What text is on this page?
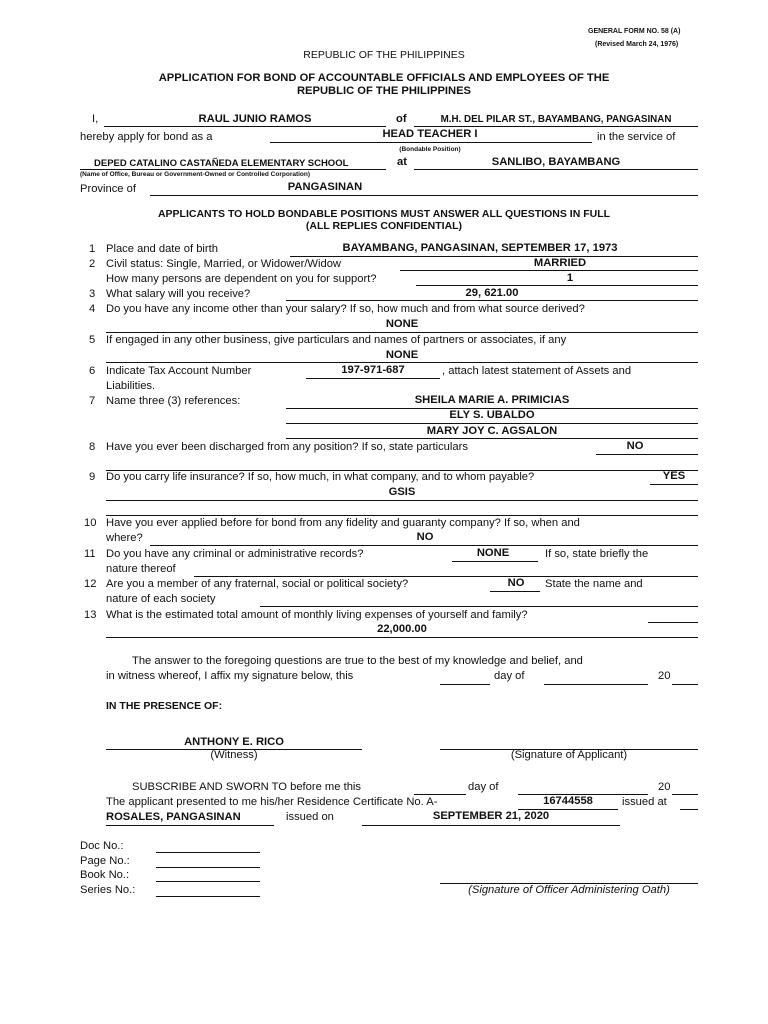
GENERAL FORM NO. 58 (A)
(Revised March 24, 1976)
REPUBLIC OF THE PHILIPPINES
APPLICATION FOR BOND OF ACCOUNTABLE OFFICIALS AND EMPLOYEES OF THE
REPUBLIC OF THE PHILIPPINES
I,	RAUL JUNIO RAMOS	of	M.H. DEL PILAR ST., BAYAMBANG, PANGASINAN
hereby apply for bond as a	HEAD TEACHER I	in the service of
(Bondable Position)
DEPED CATALINO CASTAÑEDA ELEMENTARY SCHOOL	at	SANLIBO, BAYAMBANG
(Name of Office, Bureau or Government-Owned or Controlled Corporation)
Province of	PANGASINAN
APPLICANTS TO HOLD BONDABLE POSITIONS MUST ANSWER ALL QUESTIONS IN FULL
(ALL REPLIES CONFIDENTIAL)
1 Place and date of birth	BAYAMBANG, PANGASINAN, SEPTEMBER 17, 1973
2 Civil status: Single, Married, or Widower/Widow	MARRIED
How many persons are dependent on you for support?	1
3 What salary will you receive?	29, 621.00
4 Do you have any income other than your salary? If so, how much and from what source derived?
NONE
5 If engaged in any other business, give particulars and names of partners or associates, if any
NONE
6 Indicate Tax Account Number	197-971-687	, attach latest statement of Assets and
Liabilities.
7 Name three (3) references:	SHEILA MARIE A. PRIMICIAS
ELY S. UBALDO
MARY JOY C. AGSALON
8 Have you ever been discharged from any position? If so, state particulars	NO
9 Do you carry life insurance? If so, how much, in what company, and to whom payable?	YES
GSIS
10 Have you ever applied before for bond from any fidelity and guaranty company? If so, when and
where?	NO
11 Do you have any criminal or administrative records?	NONE	If so, state briefly the
nature thereof
12 Are you a member of any fraternal, social or political society?	NO	State the name and
nature of each society
13 What is the estimated total amount of monthly living expenses of yourself and family?
22,000.00
The answer to the foregoing questions are true to the best of my knowledge and belief, and
in witness whereof, I affix my signature below, this	day of	20
IN THE PRESENCE OF:
ANTHONY E. RICO
(Witness)	(Signature of Applicant)
SUBSCRIBE AND SWORN TO before me this	day of	20
The applicant presented to me his/her Residence Certificate No. A-	16744558	issued at
ROSALES, PANGASINAN	issued on	SEPTEMBER 21, 2020
Doc No.:
Page No.:
Book No.:
Series No.:	(Signature of Officer Administering Oath)
